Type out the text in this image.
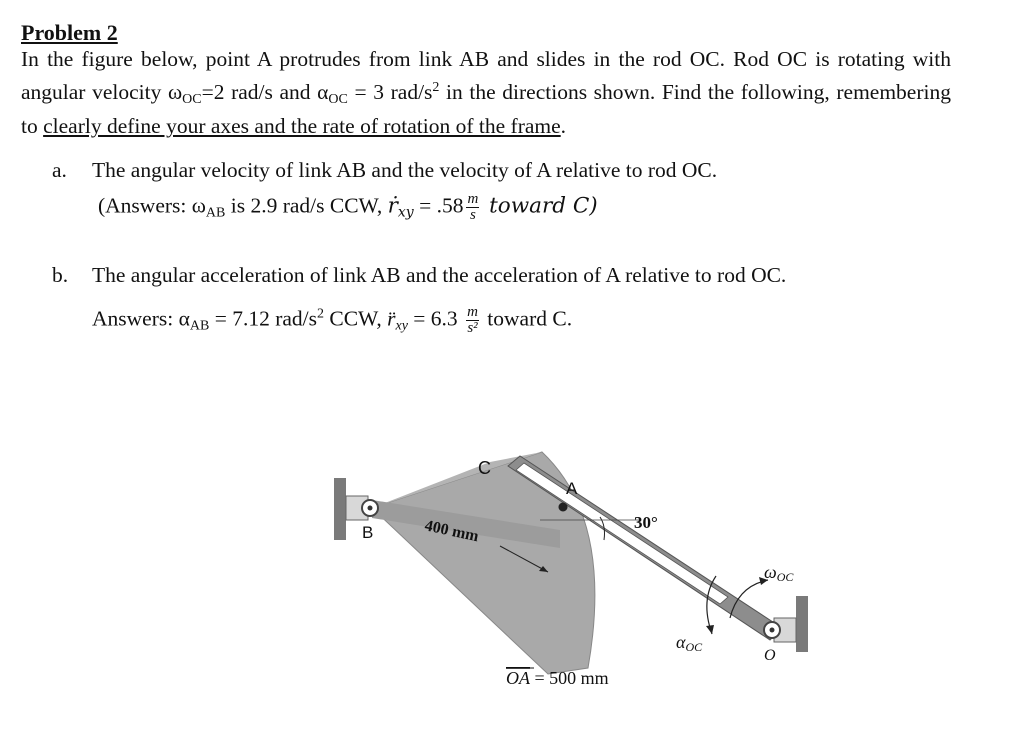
Problem 2
In the figure below, point A protrudes from link AB and slides in the rod OC. Rod OC is rotating with angular velocity $\omega_{OC}=2$ rad/s and $\alpha_{OC} = 3$ rad/$s^2$ in the directions shown. Find the following, remembering to clearly define your axes and the rate of rotation of the frame.
a. The angular velocity of link AB and the velocity of A relative to rod OC.
(Answers: $\omega_{AB}$ is 2.9 rad/s CCW, ṙ$_{xy}$ = $.58 \frac{m}{s}$ toward C)
b. The angular acceleration of link AB and the acceleration of A relative to rod OC.
Answers: $\alpha_{AB} = 7.12$ rad/$s^2$ CCW, $r̈_{xy} = 6.3 \frac{m}{\text{s²}}$ toward C.
C
A
B
O
400 mm	30°
ωOC
αOC
OA = 500 mm
